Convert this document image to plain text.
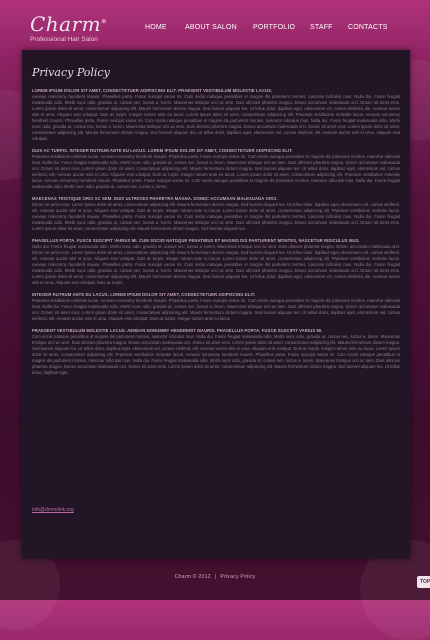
Charm*
Professional Hair Salon
HOME	ABOUT SALON PORTFOLIO STAFF CONTACTS
Privacy Policy
LOREM IPSUM DOLOR SIT AMET, CONSECTETUER ADIPISCING ELIT. PRAESENT VESTIBULUM MOLESTIE LACUS.
Aenean nonummy hendrerit mauris. Phasellus porta. Fusce suscipit varius mi. Cum sociis natoque penatibus et magnis dis parturient montes, nascetur ridiculus mus. Nulla dui. Fusce feugiat malesuada odio. Morbi nunc odio, gravida at, cursus nec, luctus a, lorem. Maecenas tristique orci ac sem. Duis ultricies pharetra magna. Donec accumsan malesuada orci. Donec sit amet eros. Lorem ipsum dolor sit amet, consectetuer adipiscing elit. Mauris fermentum dictum magna. Sed laoreet aliquam leo. Ut tellus dolor, dapibus eget, elementum vel, cursus eleifend, elit. Aenean auctor wisi et urna. Aliquam erat volutpat. Duis ac turpis. Integer rutrum ante eu lacus. Lorem ipsum dolor sit amet, consectetuer adipiscing elit. Praesent vestibulum molestie lacus. Aenean nonummy hendrerit mauris. Phasellus porta. Fusce suscipit varius mi. Cum sociis natoque penatibus et magnis dis parturient montes, nascetur ridiculus mus. Nulla dui. Fusce feugiat malesuada odio. Morbi nunc odio, gravida at, cursus nec, luctus a, lorem. Maecenas tristique orci ac sem. Duis ultricies pharetra magna. Donec accumsan malesuada orci. Donec sit amet eros. Lorem ipsum dolor sit amet, consectetuer adipiscing elit. Mauris fermentum dictum magna. Sed laoreet aliquam leo. Ut tellus dolor, dapibus eget, elementum vel, cursus eleifend, elit. Aenean auctor wisi et urna. Aliquam erat volutpat.
DUIS AC TURPIS. INTEGER RUTRUM ANTE EU LACUS. LOREM IPSUM DOLOR SIT AMET, CONSECTETUER ADIPISCING ELIT.
Praesent vestibulum molestie lacus. Aenean nonummy hendrerit mauris. Phasellus porta. Fusce suscipit varius mi. Cum sociis natoque penatibus et magnis dis parturient montes, nascetur ridiculus mus. Nulla dui. Fusce feugiat malesuada odio. Morbi nunc odio, gravida at, cursus nec, luctus a, lorem. Maecenas tristique orci ac sem. Duis ultricies pharetra magna. Donec accumsan malesuada orci. Donec sit amet eros. Lorem ipsum dolor sit amet, consectetuer adipiscing elit. Mauris fermentum dictum magna. Sed laoreet aliquam leo. Ut tellus dolor, dapibus eget, elementum vel, cursus eleifend, elit. Aenean auctor wisi et urna. Aliquam erat volutpat. Duis ac turpis. Integer rutrum ante eu lacus. Lorem ipsum dolor sit amet, consectetuer adipiscing elit. Praesent vestibulum molestie lacus. Aenean nonummy hendrerit mauris. Phasellus porta. Fusce suscipit varius mi. Cum sociis natoque penatibus et magnis dis parturient montes, nascetur ridiculus mus. Nulla dui. Fusce feugiat malesuada odio. Morbi nunc odio, gravida at, cursus nec, luctus a, lorem.
MAECENAS TRISTIQUE ORCI AC SEM. DUIS ULTRICIES PHARETRA MAGNA. DONEC ACCUMSAN MALESUADA ORCI.
Donec sit amet eros. Lorem ipsum dolor sit amet, consectetuer adipiscing elit. Mauris fermentum dictum magna. Sed laoreet aliquam leo. Ut tellus dolor, dapibus eget, elementum vel, cursus eleifend, elit. Aenean auctor wisi et urna. Aliquam erat volutpat. Duis ac turpis. Integer rutrum ante eu lacus. Lorem ipsum dolor sit amet, consectetuer adipiscing elit. Praesent vestibulum molestie lacus. Aenean nonummy hendrerit mauris. Phasellus porta. Fusce suscipit varius mi. Cum sociis natoque penatibus et magnis dis parturient montes, nascetur ridiculus mus. Nulla dui. Fusce feugiat malesuada odio. Morbi nunc odio, gravida at, cursus nec, luctus a, lorem. Maecenas tristique orci ac sem. Duis ultricies pharetra magna. Donec accumsan malesuada orci. Donec sit amet eros. Lorem ipsum dolor sit amet, consectetuer adipiscing elit. Mauris fermentum dictum magna. Sed laoreet aliquam leo.
PHASELLUS PORTA. FUSCE SUSCIPIT VARIUS MI. CUM SOCIIS NATOQUE PENATIBUS ET MAGNIS DIS PARTURIENT MONTES, NASCETUR RIDICULUS MUS.
Nulla dui. Fusce feugiat malesuada odio. Morbi nunc odio, gravida at, cursus nec, luctus a, lorem. Maecenas tristique orci ac sem. Duis ultricies pharetra magna. Donec accumsan malesuada orci. Donec sit amet eros. Lorem ipsum dolor sit amet, consectetuer adipiscing elit. Mauris fermentum dictum magna. Sed laoreet aliquam leo. Ut tellus dolor, dapibus eget, elementum vel, cursus eleifend, elit. Aenean auctor wisi et urna. Aliquam erat volutpat. Duis ac turpis. Integer rutrum ante eu lacus. Lorem ipsum dolor sit amet, consectetuer adipiscing elit. Praesent vestibulum molestie lacus. Aenean nonummy hendrerit mauris. Phasellus porta. Fusce suscipit varius mi. Cum sociis natoque penatibus et magnis dis parturient montes, nascetur ridiculus mus. Nulla dui. Fusce feugiat malesuada odio. Morbi nunc odio, gravida at, cursus nec, luctus a, lorem. Maecenas tristique orci ac sem. Duis ultricies pharetra magna. Donec accumsan malesuada orci. Donec sit amet eros. Lorem ipsum dolor sit amet, consectetuer adipiscing elit. Mauris fermentum dictum magna. Sed laoreet aliquam leo. Ut tellus dolor, dapibus eget, elementum vel, cursus eleifend, elit. Aenean auctor wisi et urna. Aliquam erat volutpat. Duis ac turpis.
INTEGER RUTRUM ANTE EU LACUS. LOREM IPSUM DOLOR SIT AMET, CONSECTETUER ADIPISCING ELIT.
Praesent vestibulum molestie lacus. Aenean nonummy hendrerit mauris. Phasellus porta. Fusce suscipit varius mi. Cum sociis natoque penatibus et magnis dis parturient montes, nascetur ridiculus mus. Nulla dui. Fusce feugiat malesuada odio. Morbi nunc odio, gravida at, cursus nec, luctus a, lorem. Maecenas tristique orci ac sem. Duis ultricies pharetra magna. Donec accumsan malesuada orci. Donec sit amet eros. Lorem ipsum dolor sit amet, consectetuer adipiscing elit. Mauris fermentum dictum magna. Sed laoreet aliquam leo. Ut tellus dolor, dapibus eget, elementum vel, cursus eleifend, elit. Aenean auctor wisi et urna. Aliquam erat volutpat. Duis ac turpis. Integer rutrum ante eu lacus.
PRAESENT VESTIBULUM MOLESTIE LACUS. AENEAN NONUMMY HENDRERIT MAURIS. PHASELLUS PORTA. FUSCE SUSCIPIT VARIUS MI.
Cum sociis natoque penatibus et magnis dis parturient montes, nascetur ridiculus mus. Nulla dui. Fusce feugiat malesuada odio. Morbi nunc odio, gravida at, cursus nec, luctus a, lorem. Maecenas tristique orci ac sem. Duis ultricies pharetra magna. Donec accumsan malesuada orci. Donec sit amet eros. Lorem ipsum dolor sit amet, consectetuer adipiscing elit. Mauris fermentum dictum magna. Sed laoreet aliquam leo. Ut tellus dolor, dapibus eget, elementum vel, cursus eleifend, elit. Aenean auctor wisi et urna. Aliquam erat volutpat. Duis ac turpis. Integer rutrum ante eu lacus. Lorem ipsum dolor sit amet, consectetuer adipiscing elit. Praesent vestibulum molestie lacus. Aenean nonummy hendrerit mauris. Phasellus porta. Fusce suscipit varius mi. Cum sociis natoque penatibus et magnis dis parturient montes, nascetur ridiculus mus. Nulla dui. Fusce feugiat malesuada odio. Morbi nunc odio, gravida at, cursus nec, luctus a, lorem. Maecenas tristique orci ac sem. Duis ultricies pharetra magna. Donec accumsan malesuada orci. Donec sit amet eros. Lorem ipsum dolor sit amet, consectetuer adipiscing elit. Mauris fermentum dictum magna. Sed laoreet aliquam leo. Ut tellus dolor, dapibus eget.
info@demolink.org
Charm © 2012 | Privacy Policy
TOP
